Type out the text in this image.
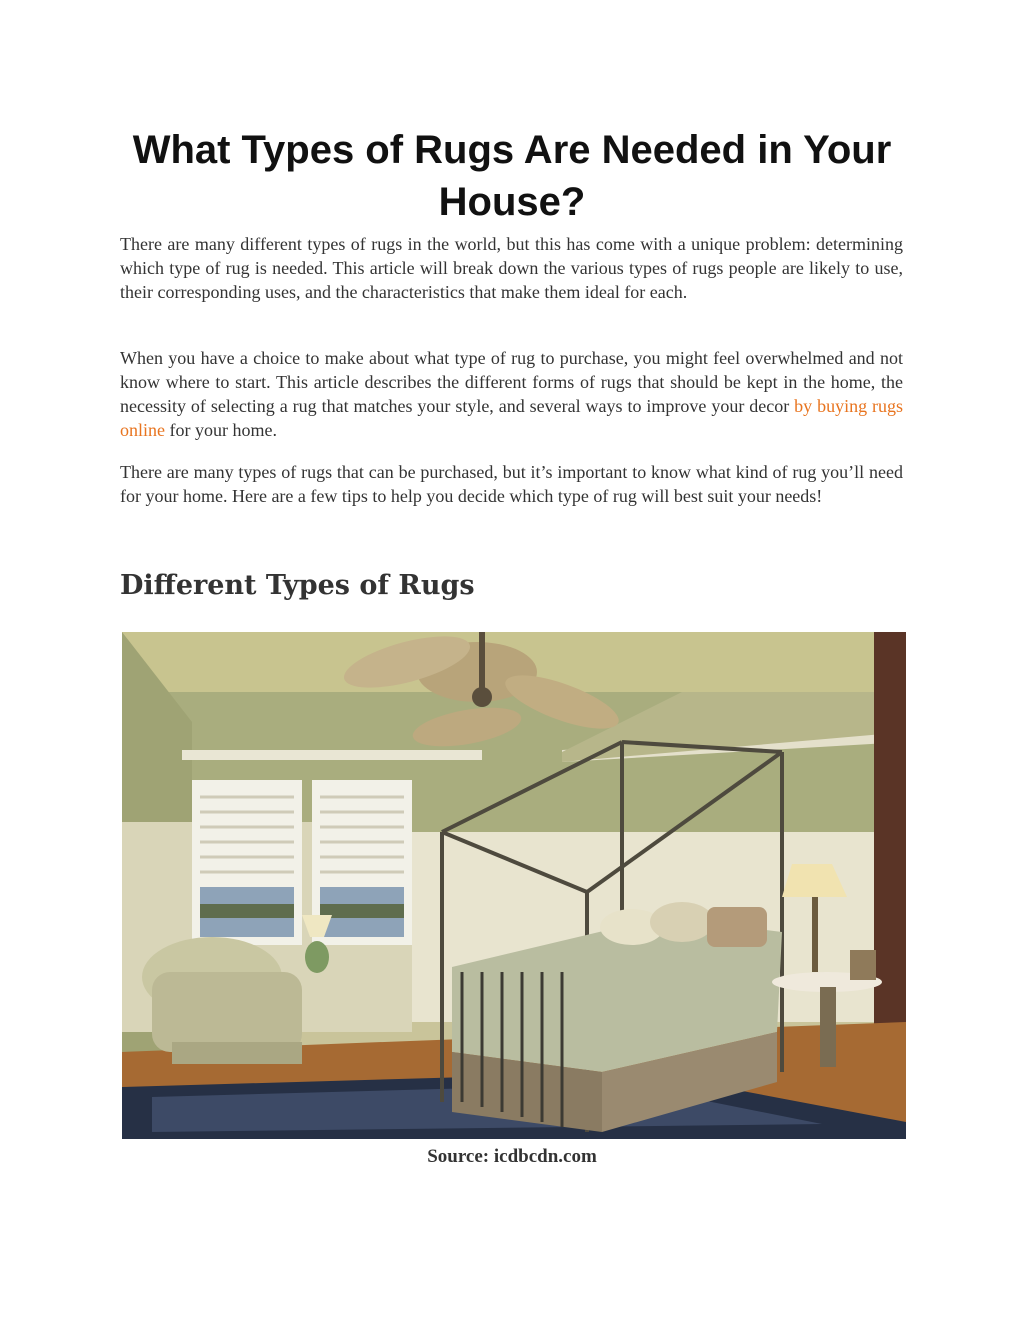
What Types of Rugs Are Needed in Your House?

There are many different types of rugs in the world, but this has come with a unique problem: determining which type of rug is needed. This article will break down the various types of rugs people are likely to use, their corresponding uses, and the characteristics that make them ideal for each.

When you have a choice to make about what type of rug to purchase, you might feel overwhelmed and not know where to start. This article describes the different forms of rugs that should be kept in the home, the necessity of selecting a rug that matches your style, and several ways to improve your decor by buying rugs online for your home.

There are many types of rugs that can be purchased, but it’s important to know what kind of rug you’ll need for your home. Here are a few tips to help you decide which type of rug will best suit your needs!

Different Types of Rugs
Source: icdbcdn.com
